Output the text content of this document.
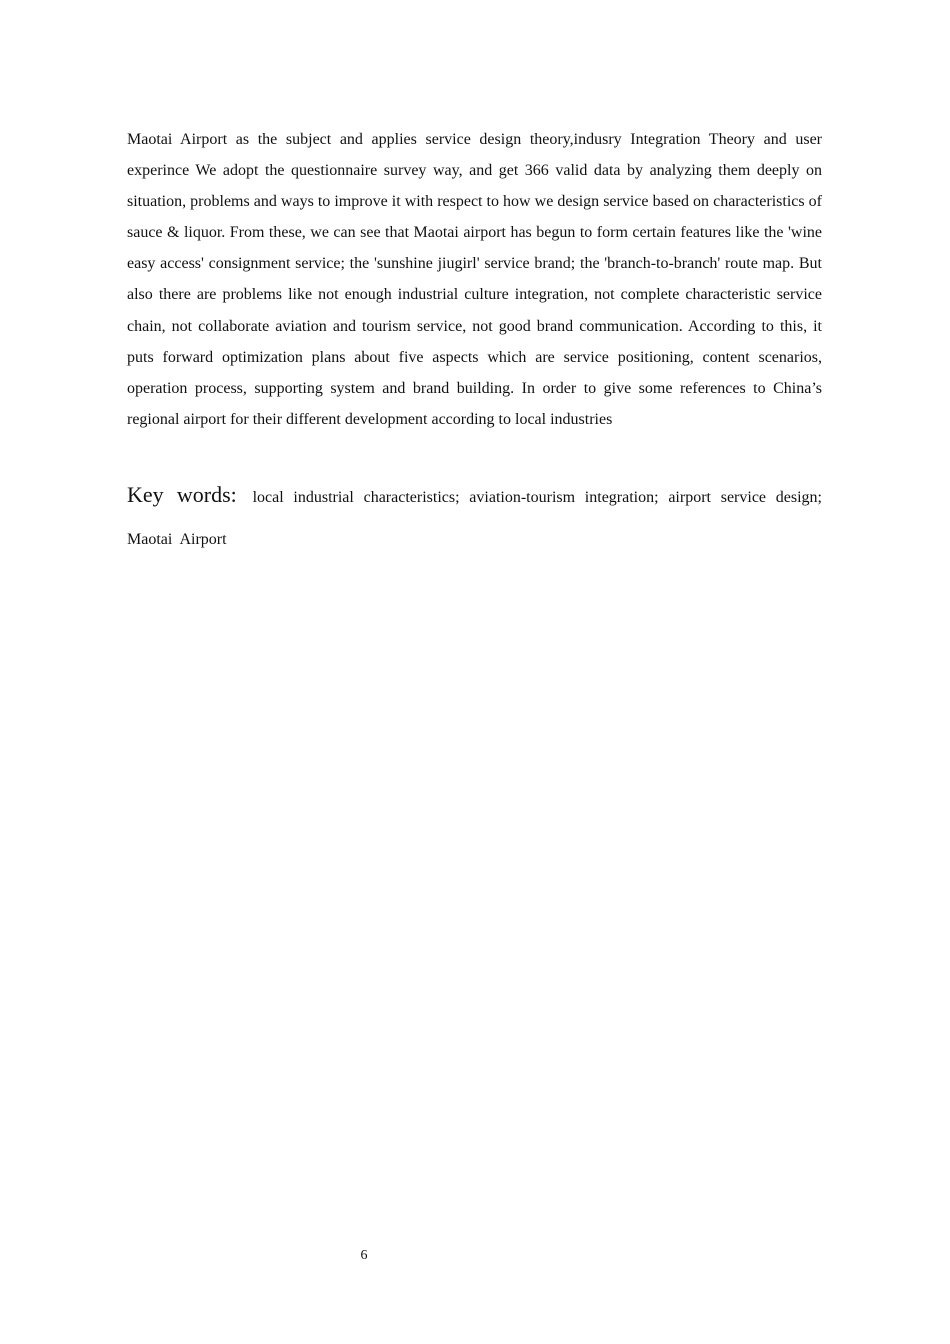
Maotai Airport as the subject and applies service design theory,indusry Integration Theory and user experince We adopt the questionnaire survey way, and get 366 valid data by analyzing them deeply on situation, problems and ways to improve it with respect to how we design service based on characteristics of sauce & liquor. From these, we can see that Maotai airport has begun to form certain features like the 'wine easy access' consignment service; the 'sunshine jiugirl' service brand; the 'branch-to-branch' route map. But also there are problems like not enough industrial culture integration, not complete characteristic service chain, not collaborate aviation and tourism service, not good brand communication. According to this, it puts forward optimization plans about five aspects which are service positioning, content scenarios, operation process, supporting system and brand building. In order to give some references to China’s regional airport for their different development according to local industries

Key words: local industrial characteristics; aviation-tourism integration; airport service design; Maotai Airport

6
